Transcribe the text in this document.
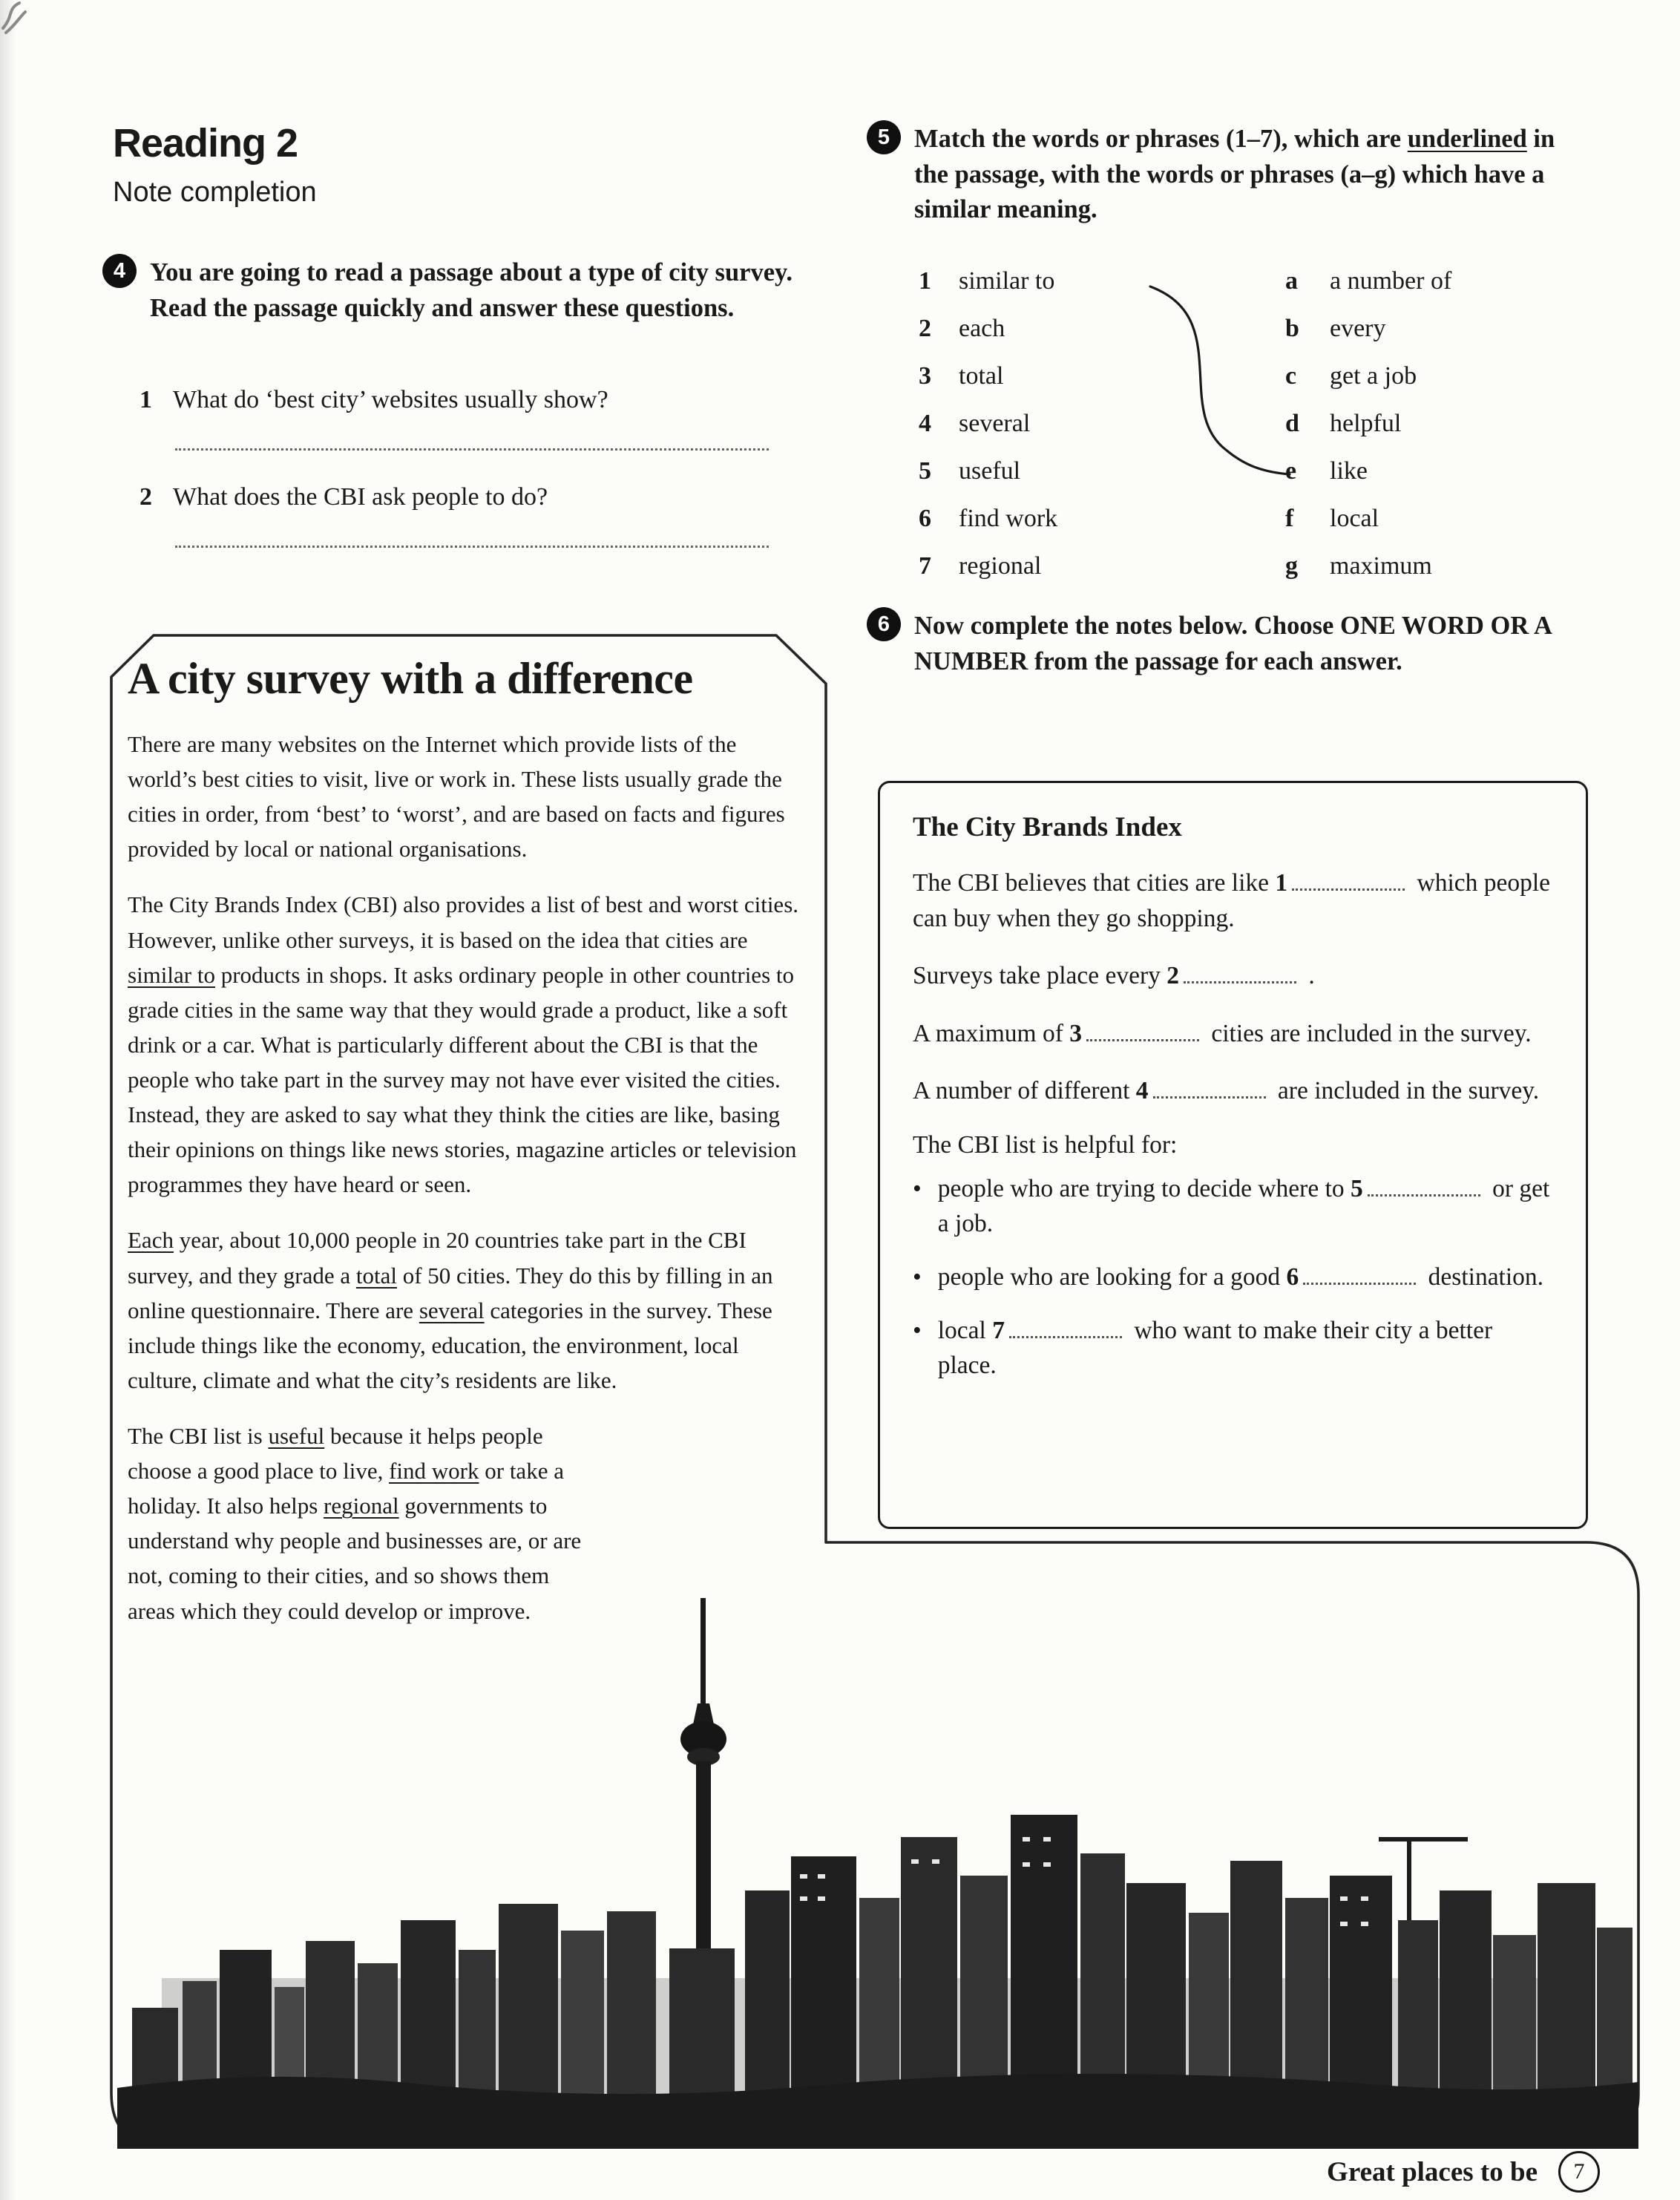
Reading 2
Note completion
4 You are going to read a passage about a type of city survey. Read the passage quickly and answer these questions.
1 What do ‘best city’ websites usually show?
2 What does the CBI ask people to do?
A city survey with a difference

There are many websites on the Internet which provide lists of the world’s best cities to visit, live or work in. These lists usually grade the cities in order, from ‘best’ to ‘worst’, and are based on facts and figures provided by local or national organisations.

The City Brands Index (CBI) also provides a list of best and worst cities. However, unlike other surveys, it is based on the idea that cities are similar to products in shops. It asks ordinary people in other countries to grade cities in the same way that they would grade a product, like a soft drink or a car. What is particularly different about the CBI is that the people who take part in the survey may not have ever visited the cities. Instead, they are asked to say what they think the cities are like, basing their opinions on things like news stories, magazine articles or television programmes they have heard or seen.

Each year, about 10,000 people in 20 countries take part in the CBI survey, and they grade a total of 50 cities. They do this by filling in an online questionnaire. There are several categories in the survey. These include things like the economy, education, the environment, local culture, climate and what the city’s residents are like.

The CBI list is useful because it helps people choose a good place to live, find work or take a holiday. It also helps regional governments to understand why people and businesses are, or are not, coming to their cities, and so shows them areas which they could develop or improve.

5 Match the words or phrases (1–7), which are underlined in the passage, with the words or phrases (a–g) which have a similar meaning.
1	similar to	a	a number of
2	each	b	every
3	total	c	get a job
4	several	d	helpful
5	useful	e	like
6	find work	f	local
7	regional	g	maximum
6 Now complete the notes below. Choose ONE WORD OR A NUMBER from the passage for each answer.
The City Brands Index
The CBI believes that cities are like 1	which people can buy when they go shopping.
Surveys take place every 2	.
A maximum of 3	cities are included in the survey.
A number of different 4	are included in the survey.
The CBI list is helpful for:
• people who are trying to decide where to 5	or get a job.
• people who are looking for a good 6	destination.
• local 7	who want to make their city a better place.
Great places to be	7
